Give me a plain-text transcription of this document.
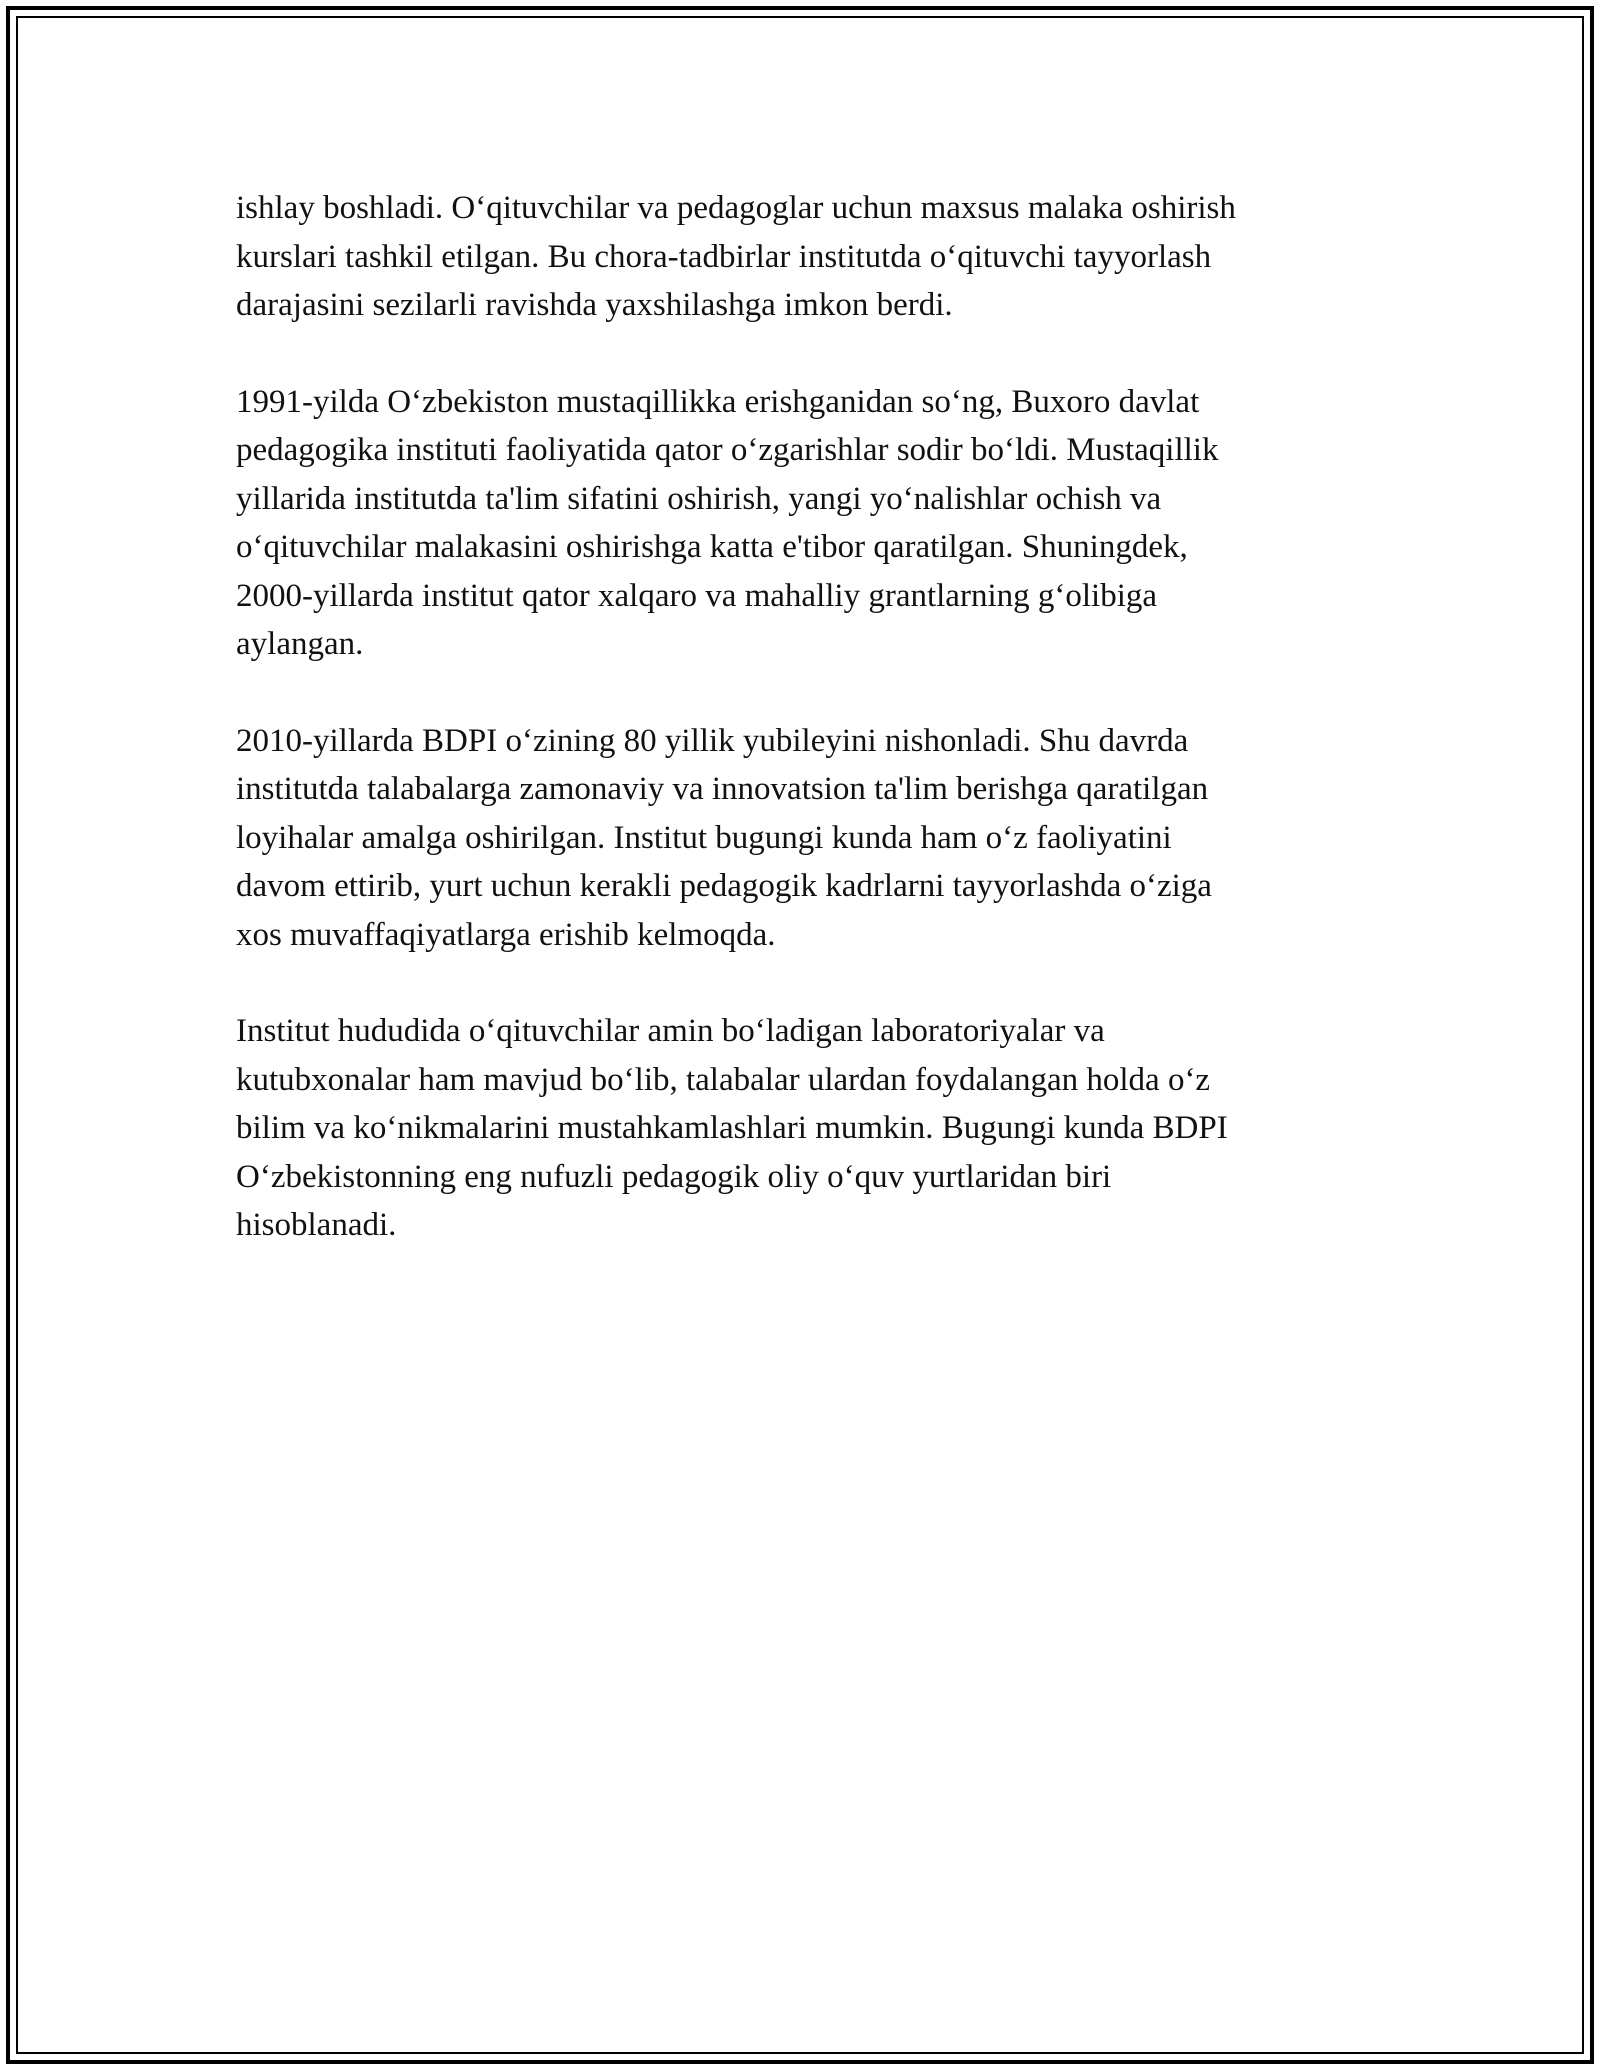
ishlay boshladi. O‘qituvchilar va pedagoglar uchun maxsus malaka oshirish
kurslari tashkil etilgan. Bu chora-tadbirlar institutda o‘qituvchi tayyorlash
darajasini sezilarli ravishda yaxshilashga imkon berdi.

1991-yilda O‘zbekiston mustaqillikka erishganidan so‘ng, Buxoro davlat
pedagogika instituti faoliyatida qator o‘zgarishlar sodir bo‘ldi. Mustaqillik
yillarida institutda ta'lim sifatini oshirish, yangi yo‘nalishlar ochish va
o‘qituvchilar malakasini oshirishga katta e'tibor qaratilgan. Shuningdek,
2000-yillarda institut qator xalqaro va mahalliy grantlarning g‘olibiga
aylangan.

2010-yillarda BDPI o‘zining 80 yillik yubileyini nishonladi. Shu davrda
institutda talabalarga zamonaviy va innovatsion ta'lim berishga qaratilgan
loyihalar amalga oshirilgan. Institut bugungi kunda ham o‘z faoliyatini
davom ettirib, yurt uchun kerakli pedagogik kadrlarni tayyorlashda o‘ziga
xos muvaffaqiyatlarga erishib kelmoqda.

Institut hududida o‘qituvchilar amin bo‘ladigan laboratoriyalar va
kutubxonalar ham mavjud bo‘lib, talabalar ulardan foydalangan holda o‘z
bilim va ko‘nikmalarini mustahkamlashlari mumkin. Bugungi kunda BDPI
O‘zbekistonning eng nufuzli pedagogik oliy o‘quv yurtlaridan biri
hisoblanadi.
